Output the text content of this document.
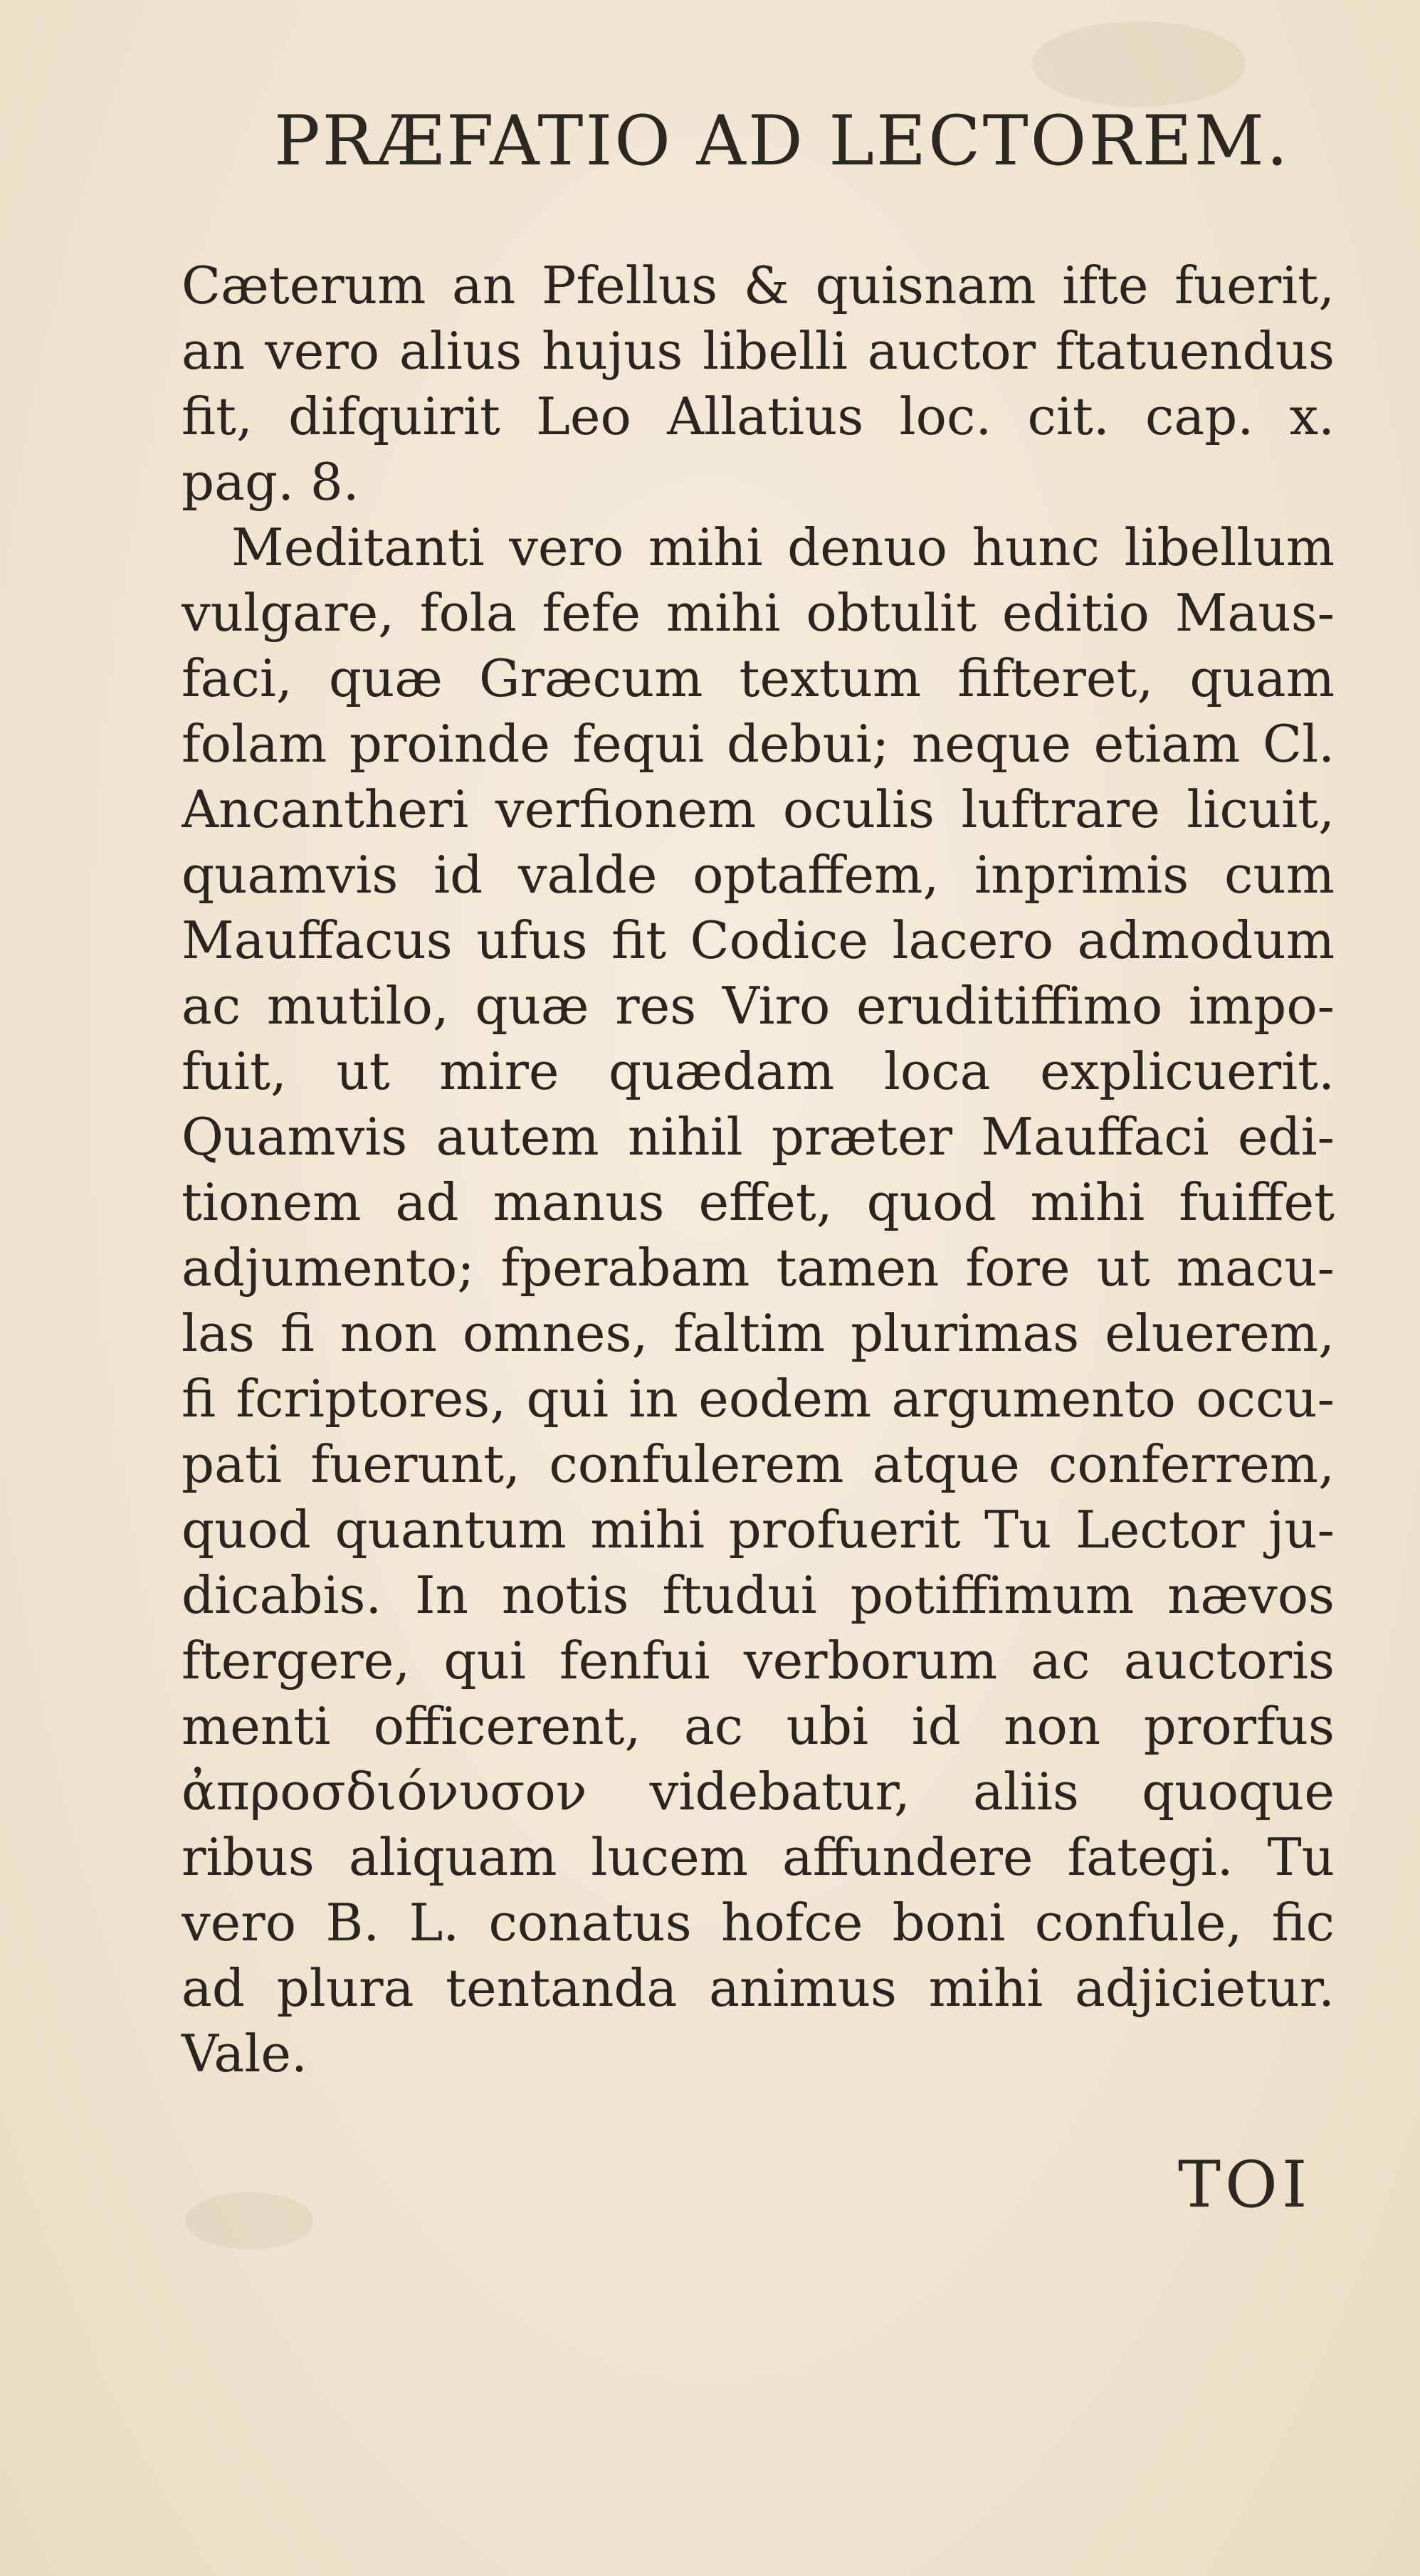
PRÆFATIO AD LECTOREM.
Cæterum an Pfellus & quisnam ifte fuerit,
an vero alius hujus libelli auctor ftatuendus
fit, difquirit Leo Allatius loc. cit. cap. x.
pag. 8.
Meditanti vero mihi denuo hunc libellum
vulgare, fola fefe mihi obtulit editio Maus-
faci, quæ Græcum textum fifteret, quam
folam proinde fequi debui; neque etiam Cl.
Ancantheri verfionem oculis luftrare licuit,
quamvis id valde optaffem, inprimis cum
Mauffacus ufus fit Codice lacero admodum
ac mutilo, quæ res Viro eruditiffimo impo-
fuit, ut mire quædam loca explicuerit.
Quamvis autem nihil præter Mauffaci edi-
tionem ad manus effet, quod mihi fuiffet
adjumento; fperabam tamen fore ut macu-
las fi non omnes, faltim plurimas eluerem,
fi fcriptores, qui in eodem argumento occu-
pati fuerunt, confulerem atque conferrem,
quod quantum mihi profuerit Tu Lector ju-
dicabis. In notis ftudui potiffimum nævos
ftergere, qui fenfui verborum ac auctoris
menti officerent, ac ubi id non prorfus
ἀπροσδιόνυσον videbatur, aliis quoque
ribus aliquam lucem affundere fategi. Tu
vero B. L. conatus hofce boni confule, fic
ad plura tentanda animus mihi adjicietur.
Vale.
TOI
